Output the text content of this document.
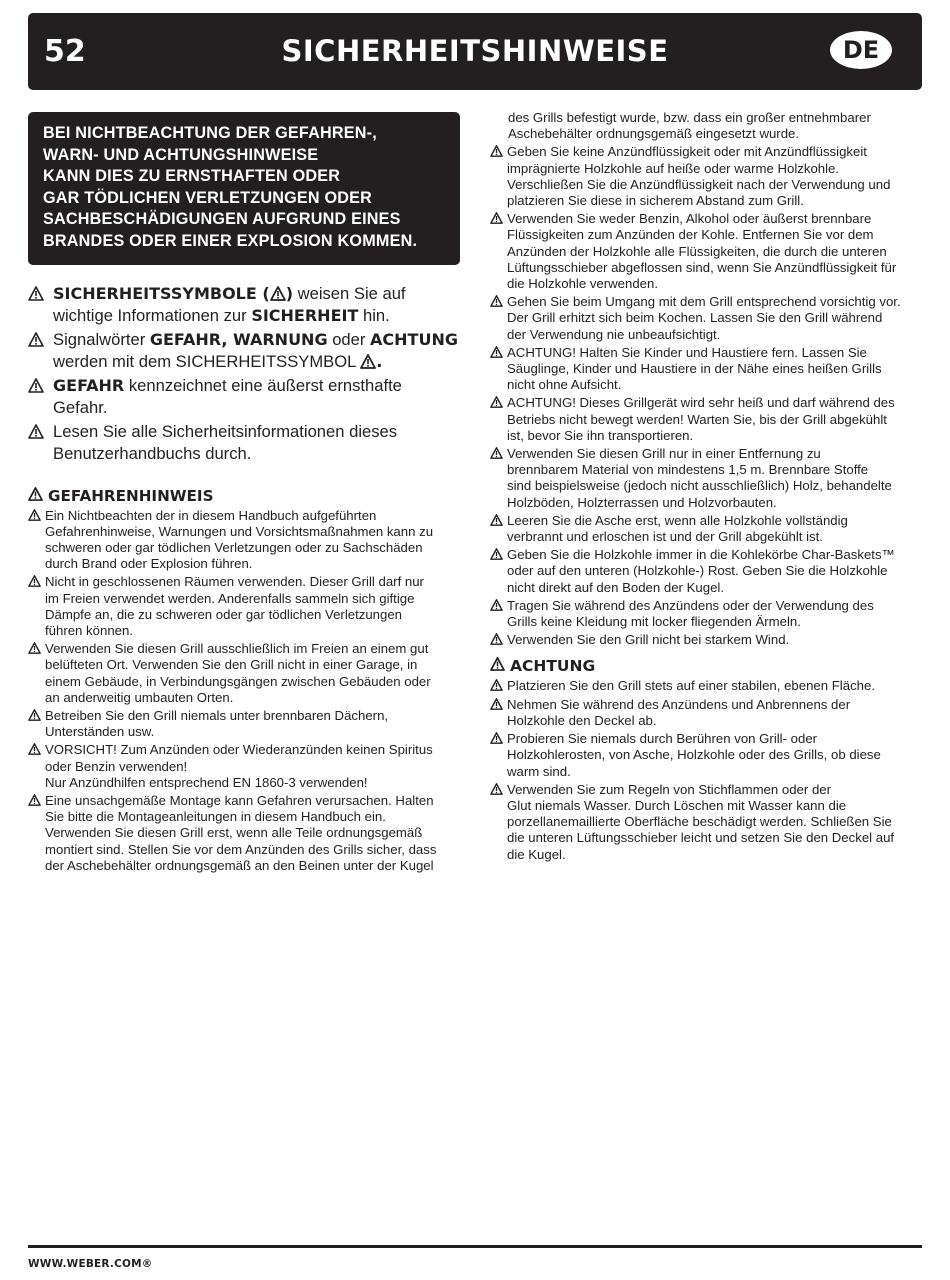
52	SICHERHEITSHINWEISE	DE
BEI NICHTBEACHTUNG DER GEFAHREN-,
WARN- UND ACHTUNGSHINWEISE
KANN DIES ZU ERNSTHAFTEN ODER
GAR TÖDLICHEN VERLETZUNGEN ODER
SACHBESCHÄDIGUNGEN AUFGRUND EINES
BRANDES ODER EINER EXPLOSION KOMMEN.
SICHERHEITSSYMBOLE ( ) weisen Sie auf
wichtige Informationen zur SICHERHEIT hin.
Signalwörter GEFAHR, WARNUNG oder ACHTUNG
werden mit dem SICHERHEITSSYMBOL .
GEFAHR kennzeichnet eine äußerst ernsthafte Gefahr.
Lesen Sie alle Sicherheitsinformationen dieses
Benutzerhandbuchs durch.
GEFAHRENHINWEIS
Ein Nichtbeachten der in diesem Handbuch aufgeführten
Gefahrenhinweise, Warnungen und Vorsichtsmaßnahmen kann zu
schweren oder gar tödlichen Verletzungen oder zu Sachschäden
durch Brand oder Explosion führen.
Nicht in geschlossenen Räumen verwenden. Dieser Grill darf nur
im Freien verwendet werden. Anderenfalls sammeln sich giftige
Dämpfe an, die zu schweren oder gar tödlichen Verletzungen
führen können.
Verwenden Sie diesen Grill ausschließlich im Freien an einem gut
belüfteten Ort. Verwenden Sie den Grill nicht in einer Garage, in
einem Gebäude, in Verbindungsgängen zwischen Gebäuden oder
an anderweitig umbauten Orten.
Betreiben Sie den Grill niemals unter brennbaren Dächern,
Unterständen usw.
VORSICHT! Zum Anzünden oder Wiederanzünden keinen Spiritus
oder Benzin verwenden!
Nur Anzündhilfen entsprechend EN 1860-3 verwenden!
Eine unsachgemäße Montage kann Gefahren verursachen. Halten
Sie bitte die Montageanleitungen in diesem Handbuch ein.
Verwenden Sie diesen Grill erst, wenn alle Teile ordnungsgemäß
montiert sind. Stellen Sie vor dem Anzünden des Grills sicher, dass
der Aschebehälter ordnungsgemäß an den Beinen unter der Kugel
des Grills befestigt wurde, bzw. dass ein großer entnehmbarer
Aschebehälter ordnungsgemäß eingesetzt wurde.
Geben Sie keine Anzündflüssigkeit oder mit Anzündflüssigkeit
imprägnierte Holzkohle auf heiße oder warme Holzkohle.
Verschließen Sie die Anzündflüssigkeit nach der Verwendung und
platzieren Sie diese in sicherem Abstand zum Grill.
Verwenden Sie weder Benzin, Alkohol oder äußerst brennbare
Flüssigkeiten zum Anzünden der Kohle. Entfernen Sie vor dem
Anzünden der Holzkohle alle Flüssigkeiten, die durch die unteren
Lüftungsschieber abgeflossen sind, wenn Sie Anzündflüssigkeit für
die Holzkohle verwenden.
Gehen Sie beim Umgang mit dem Grill entsprechend vorsichtig vor.
Der Grill erhitzt sich beim Kochen. Lassen Sie den Grill während
der Verwendung nie unbeaufsichtigt.
ACHTUNG! Halten Sie Kinder und Haustiere fern. Lassen Sie
Säuglinge, Kinder und Haustiere in der Nähe eines heißen Grills
nicht ohne Aufsicht.
ACHTUNG! Dieses Grillgerät wird sehr heiß und darf während des
Betriebs nicht bewegt werden! Warten Sie, bis der Grill abgekühlt
ist, bevor Sie ihn transportieren.
Verwenden Sie diesen Grill nur in einer Entfernung zu
brennbarem Material von mindestens 1,5 m. Brennbare Stoffe
sind beispielsweise (jedoch nicht ausschließlich) Holz, behandelte
Holzböden, Holzterrassen und Holzvorbauten.
Leeren Sie die Asche erst, wenn alle Holzkohle vollständig
verbrannt und erloschen ist und der Grill abgekühlt ist.
Geben Sie die Holzkohle immer in die Kohlekörbe Char-Baskets™
oder auf den unteren (Holzkohle-) Rost. Geben Sie die Holzkohle
nicht direkt auf den Boden der Kugel.
Tragen Sie während des Anzündens oder der Verwendung des
Grills keine Kleidung mit locker fliegenden Ärmeln.
Verwenden Sie den Grill nicht bei starkem Wind.
ACHTUNG
Platzieren Sie den Grill stets auf einer stabilen, ebenen Fläche.
Nehmen Sie während des Anzündens und Anbrennens der
Holzkohle den Deckel ab.
Probieren Sie niemals durch Berühren von Grill- oder
Holzkohlerosten, von Asche, Holzkohle oder des Grills, ob diese
warm sind.
Verwenden Sie zum Regeln von Stichflammen oder der
Glut niemals Wasser. Durch Löschen mit Wasser kann die
porzellanemaillierte Oberfläche beschädigt werden. Schließen Sie
die unteren Lüftungsschieber leicht und setzen Sie den Deckel auf
die Kugel.
WWW.WEBER.COM®
